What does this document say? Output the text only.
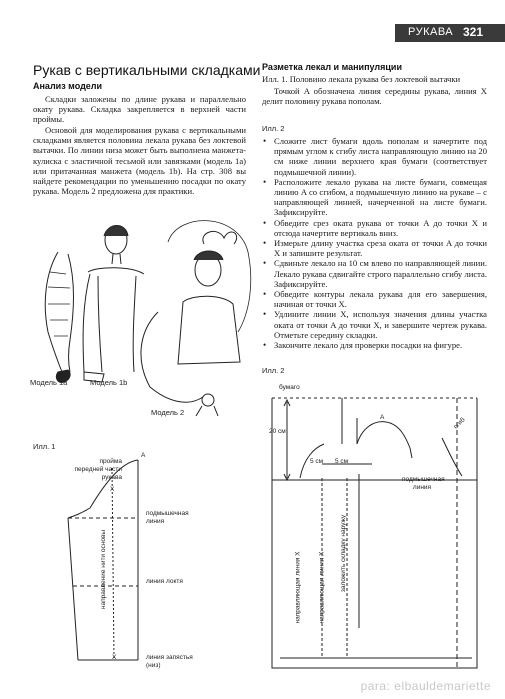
РУКАВА 321
Рукав с вертикальными складками
Анализ модели
Складки заложены по длине рукава и параллельно окату рукава. Складка закрепляется в верхней части проймы.
Основой для моделирования рукава с вертикальными складками является половина лекала рукава без локтевой вытачки. По линии низа может быть выполнена манжета-кулиска с эластичной тесьмой или завязками (модель 1a) или притачанная манжета (модель 1b). На стр. 308 вы найдете рекомендации по уменьшению посадки по окату рукава. Модель 2 предложена для практики.
Модель 1a	Модель 1b
Модель 2
Илл. 1
A
X
X
пройма передней части рукава
подмышечная линия
линия локтя
линия запястья (низ)
направление нити основы
Разметка лекал и манипуляции
Илл. 1. Половино лекала рукава без локтевой вытачки
Точкой A обозначена линия середины рукава, линия X делит половину рукава пополам.
Илл. 2
• Сложите лист бумаги вдоль пополам и начертите под прямым углом к сгибу листа направляющую линию на 20 см ниже линии верхнего края бумаги (соответствует подмышечной линии).
• Расположите лекало рукава на листе бумаги, совмещая линию A со сгибом, а подмышечную линию на рукаве – с направляющей линией, начерченной на листе бумаги. Зафиксируйте.
• Обведите срез оката рукава от точки A до точки X и отсюда начертите вертикаль вниз.
• Измерьте длину участка среза оката от точки A до точки X и запишите результат.
• Сдвиньте лекало на 10 см влево по направляющей линии. Лекало рукава сдвигайте строго параллельно сгибу листа. Зафиксируйте.
• Обведите контуры лекала рукава для его завершения, начиная от точки X.
• Удлините линии X, используя значения длины участка оката от точки A до точки X, и завершите чертеж рукава. Отметьте середину складки.
• Закончите лекало для проверки посадки на фигуре.
Илл. 2
бумаго
20 см
5 см 5 см
A	сгиб
подмышечная линия
направляющая линия X	направляющая линия X заложить складку наружу
para: elbauldemariette
